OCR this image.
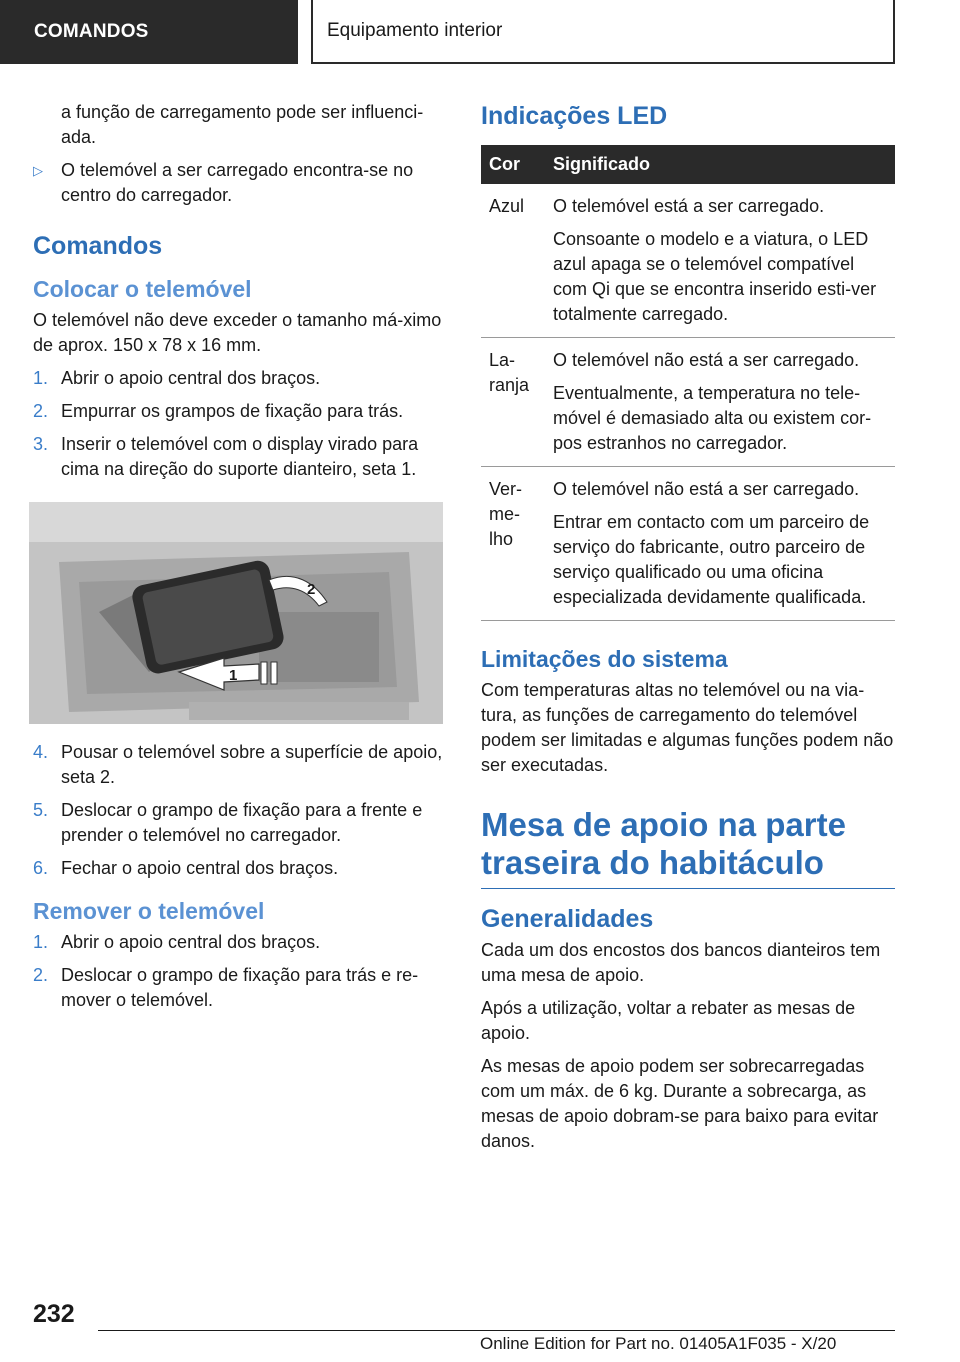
COMANDOS	Equipamento interior

a função de carregamento pode ser influenci-ada.

▷ O telemóvel a ser carregado encontra-se no centro do carregador.

Comandos
Colocar o telemóvel

O telemóvel não deve exceder o tamanho má-ximo de aprox. 150 x 78 x 16 mm.

1. Abrir o apoio central dos braços.

2. Empurrar os grampos de fixação para trás.

3. Inserir o telemóvel com o display virado para cima na direção do suporte dianteiro, seta 1.

1
2

4. Pousar o telemóvel sobre a superfície de apoio, seta 2.

5. Deslocar o grampo de fixação para a frente e prender o telemóvel no carregador.

6. Fechar o apoio central dos braços.

Remover o telemóvel

1. Abrir o apoio central dos braços.

2. Deslocar o grampo de fixação para trás e re-mover o telemóvel.

Indicações LED
Cor	Significado
Azul	O telemóvel está a ser carregado.

Consoante o modelo e a viatura, o LED azul apaga se o telemóvel compatível com Qi que se encontra inserido esti-ver totalmente carregado.

La-ranja	O telemóvel não está a ser carregado.

Eventualmente, a temperatura no tele-móvel é demasiado alta ou existem cor-pos estranhos no carregador.

Ver-me-lho	O telemóvel não está a ser carregado.

Entrar em contacto com um parceiro de serviço do fabricante, outro parceiro de serviço qualificado ou uma oficina especializada devidamente qualificada.

Limitações do sistema

Com temperaturas altas no telemóvel ou na via-tura, as funções de carregamento do telemóvel podem ser limitadas e algumas funções podem não ser executadas.

Mesa de apoio na parte traseira do habitáculo
Generalidades

Cada um dos encostos dos bancos dianteiros tem uma mesa de apoio.

Após a utilização, voltar a rebater as mesas de apoio.

As mesas de apoio podem ser sobrecarregadas com um máx. de 6 kg. Durante a sobrecarga, as mesas de apoio dobram-se para baixo para evitar danos.

232
Online Edition for Part no. 01405A1F035 - X/20
